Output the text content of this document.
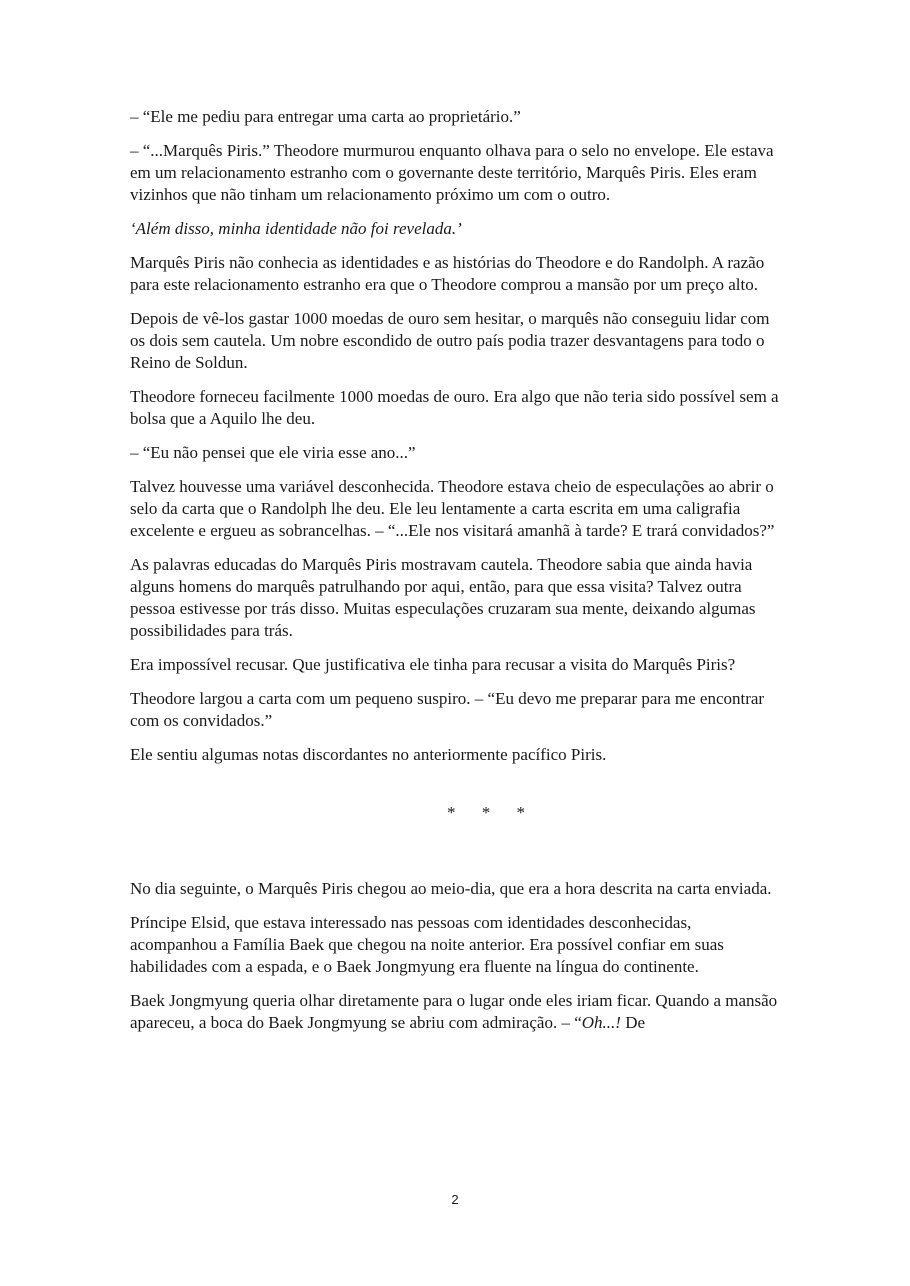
– “Ele me pediu para entregar uma carta ao proprietário.”

– “...Marquês Piris.” Theodore murmurou enquanto olhava para o selo no envelope. Ele estava em um relacionamento estranho com o governante deste território, Marquês Piris. Eles eram vizinhos que não tinham um relacionamento próximo um com o outro.

‘Além disso, minha identidade não foi revelada.’

Marquês Piris não conhecia as identidades e as histórias do Theodore e do Randolph. A razão para este relacionamento estranho era que o Theodore comprou a mansão por um preço alto.

Depois de vê-los gastar 1000 moedas de ouro sem hesitar, o marquês não conseguiu lidar com os dois sem cautela. Um nobre escondido de outro país podia trazer desvantagens para todo o Reino de Soldun.

Theodore forneceu facilmente 1000 moedas de ouro. Era algo que não teria sido possível sem a bolsa que a Aquilo lhe deu.

– “Eu não pensei que ele viria esse ano...”

Talvez houvesse uma variável desconhecida. Theodore estava cheio de especulações ao abrir o selo da carta que o Randolph lhe deu. Ele leu lentamente a carta escrita em uma caligrafia excelente e ergueu as sobrancelhas. – “...Ele nos visitará amanhã à tarde? E trará convidados?”

As palavras educadas do Marquês Piris mostravam cautela. Theodore sabia que ainda havia alguns homens do marquês patrulhando por aqui, então, para que essa visita? Talvez outra pessoa estivesse por trás disso. Muitas especulações cruzaram sua mente, deixando algumas possibilidades para trás.

Era impossível recusar. Que justificativa ele tinha para recusar a visita do Marquês Piris?

Theodore largou a carta com um pequeno suspiro. – “Eu devo me preparar para me encontrar com os convidados.”

Ele sentiu algumas notas discordantes no anteriormente pacífico Piris.

* * *

No dia seguinte, o Marquês Piris chegou ao meio-dia, que era a hora descrita na carta enviada.

Príncipe Elsid, que estava interessado nas pessoas com identidades desconhecidas, acompanhou a Família Baek que chegou na noite anterior. Era possível confiar em suas habilidades com a espada, e o Baek Jongmyung era fluente na língua do continente.

Baek Jongmyung queria olhar diretamente para o lugar onde eles iriam ficar. Quando a mansão apareceu, a boca do Baek Jongmyung se abriu com admiração. – “Oh...! De

2
